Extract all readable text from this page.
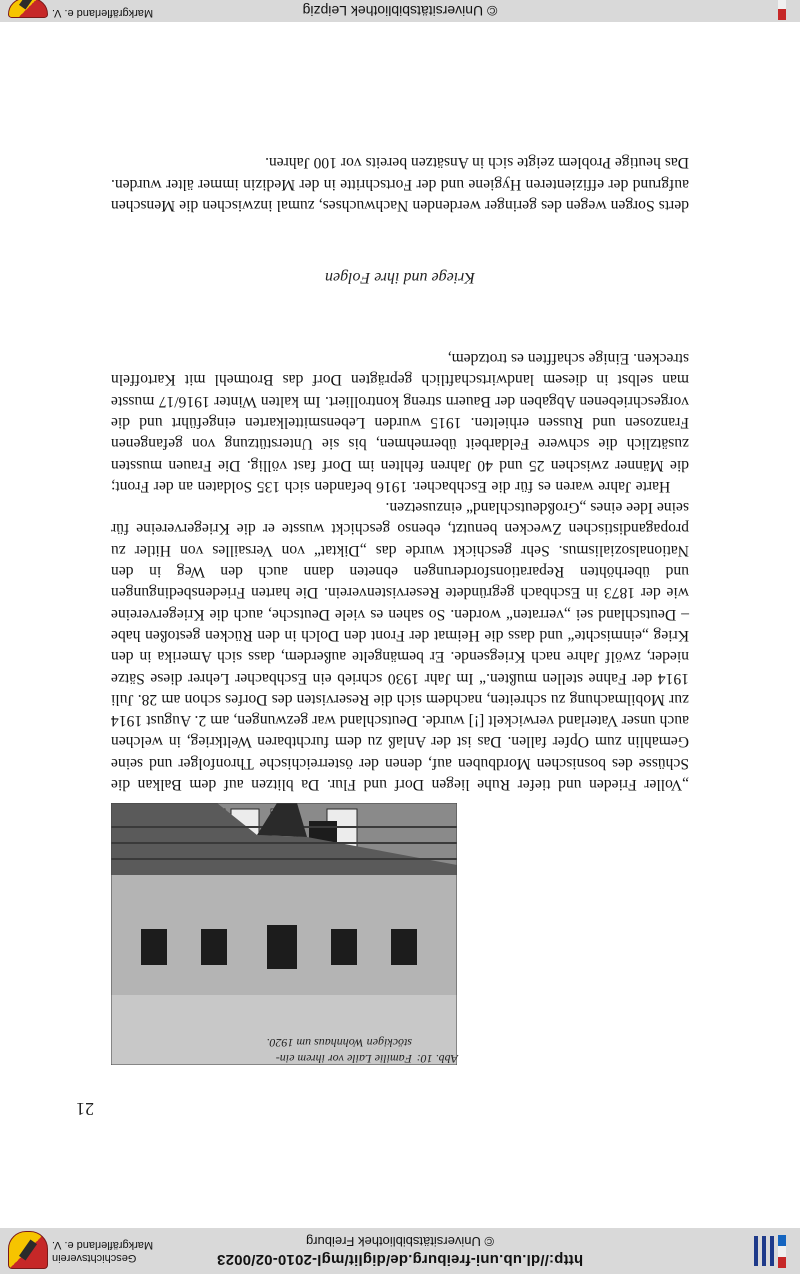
http://dl.ub.uni-freiburg.de/diglit/mgl-2010-02/0023
© Universitätsbibliothek Freiburg
Geschichtsverein
Markgräflerland e. V.
21
Abb. 10:Familie Laile vor ihrem ein-
stöckigen Wohnhaus um 1920.

„Voller Frieden und tiefer Ruhe liegen Dorf und Flur. Da blitzen auf dem Balkan die Schüsse des bosnischen Mordbuben auf, denen der österreichische Thronfolger und seine Gemahlin zum Opfer fallen. Das ist der Anlaß zu dem furchtbaren Weltkrieg, in welchen auch unser Vaterland verwickelt [!] wurde. Deutschland war gezwungen, am 2. August 1914 zur Mobilmachung zu schreiten, nachdem sich die Reservisten des Dorfes schon am 28. Juli 1914 der Fahne stellen mußten.“ Im Jahr 1930 schrieb ein Eschbacher Lehrer diese Sätze nieder, zwölf Jahre nach Kriegsende. Er bemängelte außerdem, dass sich Amerika in den Krieg „einmischte“ und dass die Heimat der Front den Dolch in den Rücken gestoßen habe – Deutschland sei „verraten“ worden. So sahen es viele Deutsche, auch die Kriegervereine wie der 1873 in Eschbach gegründete Reservistenverein. Die harten Friedensbedingungen und überhöhten Reparationsforderungen ebneten dann auch den Weg in den Nationalsozialismus. Sehr geschickt wurde das „Diktat“ von Versailles von Hitler zu propagandistischen Zwecken benutzt, ebenso geschickt wusste er die Kriegervereine für seine Idee eines „Großdeutschland“ einzusetzen.

Harte Jahre waren es für die Eschbacher. 1916 befanden sich 135 Soldaten an der Front; die Männer zwischen 25 und 40 Jahren fehlten im Dorf fast völlig. Die Frauen mussten zusätzlich die schwere Feldarbeit übernehmen, bis sie Unterstützung von gefangenen Franzosen und Russen erhielten. 1915 wurden Lebensmittelkarten eingeführt und die vorgeschriebenen Abgaben der Bauern streng kontrolliert. Im kalten Winter 1916/17 musste man selbst in diesem landwirtschaftlich geprägten Dorf das Brotmehl mit Kartoffeln strecken. Einige schafften es trotzdem,

Kriege und ihre Folgen

derts Sorgen wegen des geringer werdenden Nachwuchses, zumal inzwischen die Menschen aufgrund der effizienteren Hygiene und der Fortschritte in der Medizin immer älter wurden. Das heutige Problem zeigte sich in Ansätzen bereits vor 100 Jahren.

© Universitätsbibliothek Leipzig
Markgräflerland e. V.
